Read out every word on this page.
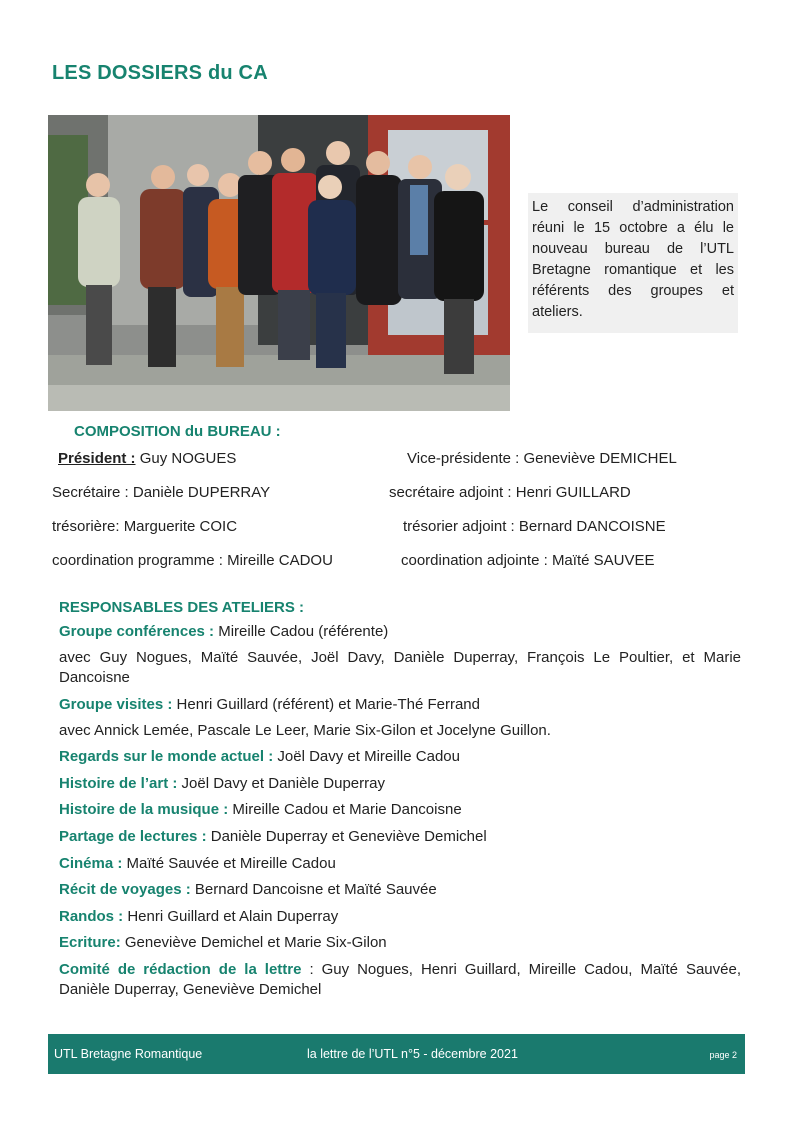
LES DOSSIERS du CA
Le conseil d’administration réuni le 15 octobre a élu le nouveau bureau de l’UTL Bretagne romantique et les référents des groupes et ateliers.
COMPOSITION du BUREAU :
Président : Guy NOGUES	Vice-présidente : Geneviève DEMICHEL
Secrétaire : Danièle DUPERRAY	secrétaire adjoint : Henri GUILLARD
trésorière: Marguerite COIC	trésorier adjoint : Bernard DANCOISNE
coordination programme : Mireille CADOU	coordination adjointe : Maïté SAUVEE
RESPONSABLES DES ATELIERS :
Groupe conférences : Mireille Cadou (référente)
avec Guy Nogues, Maïté Sauvée, Joël Davy, Danièle Duperray, François Le Poultier, et Marie Dancoisne
Groupe visites : Henri Guillard (référent) et Marie-Thé Ferrand
avec Annick Lemée, Pascale Le Leer, Marie Six-Gilon et Jocelyne Guillon.
Regards sur le monde actuel : Joël Davy et Mireille Cadou
Histoire de l’art : Joël Davy et Danièle Duperray
Histoire de la musique : Mireille Cadou et Marie Dancoisne
Partage de lectures : Danièle Duperray et Geneviève Demichel
Cinéma : Maïté Sauvée et Mireille Cadou
Récit de voyages : Bernard Dancoisne et Maïté Sauvée
Randos : Henri Guillard et Alain Duperray
Ecriture: Geneviève Demichel et Marie Six-Gilon
Comité de rédaction de la lettre : Guy Nogues, Henri Guillard, Mireille Cadou, Maïté Sauvée, Danièle Duperray, Geneviève Demichel
UTL Bretagne Romantique	la lettre de l’UTL n°5 - décembre 2021	page 2
